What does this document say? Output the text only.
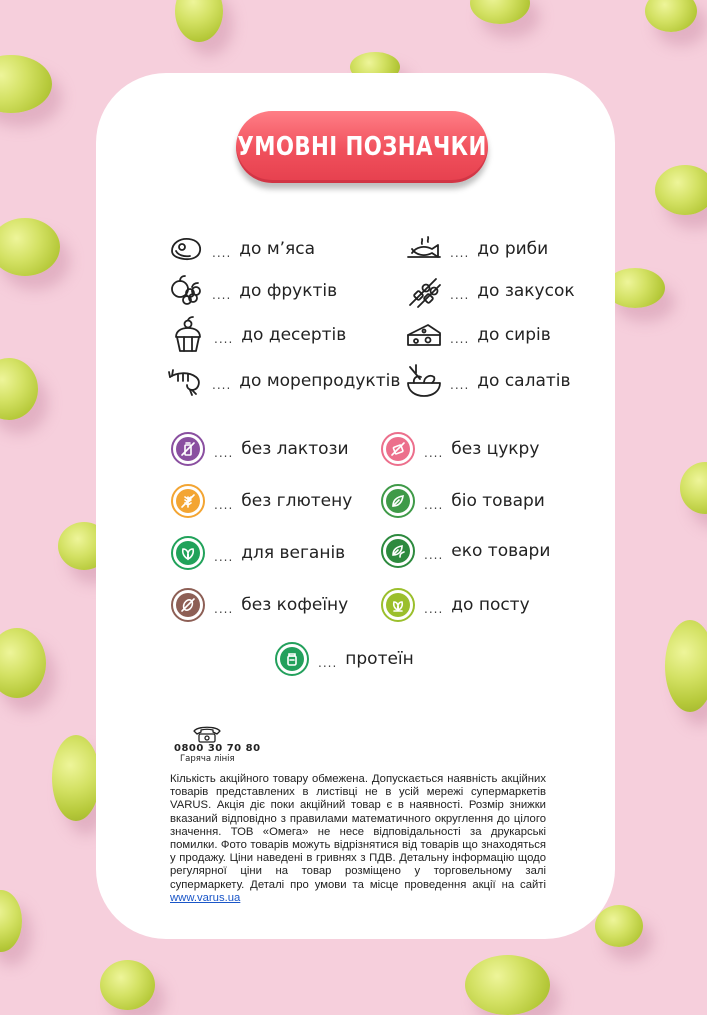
УМОВНІ ПОЗНАЧКИ
.... до м’яса	.... до риби
.... до фруктів	.... до закусок
.... до десертів	.... до сирів
.... до морепродуктів	.... до салатів
.... без лактози	.... без цукру
.... без глютену	.... біо товари
.... для веганів	.... еко товари
.... без кофеїну	.... до посту
.... протеїн
0800 30 70 80
Гаряча лінія
Кількість акційного товару обмежена. Допускається наявність акційних товарів представлених в листівці не в усій мережі супермаркетів VARUS. Акція діє поки акційний товар є в наявності. Розмір знижки вказаний відповідно з правилами математичного округлення до цілого значення. ТОВ «Омега» не несе відповідальності за друкарські помилки. Фото товарів можуть відрізнятися від товарів що знаходяться у продажу. Ціни наведені в гривнях з ПДВ. Детальну інформацію щодо регулярної ціни на товар розміщено у торговельному залі супермаркету. Деталі про умови та місце проведення акції на сайті www.varus.ua
